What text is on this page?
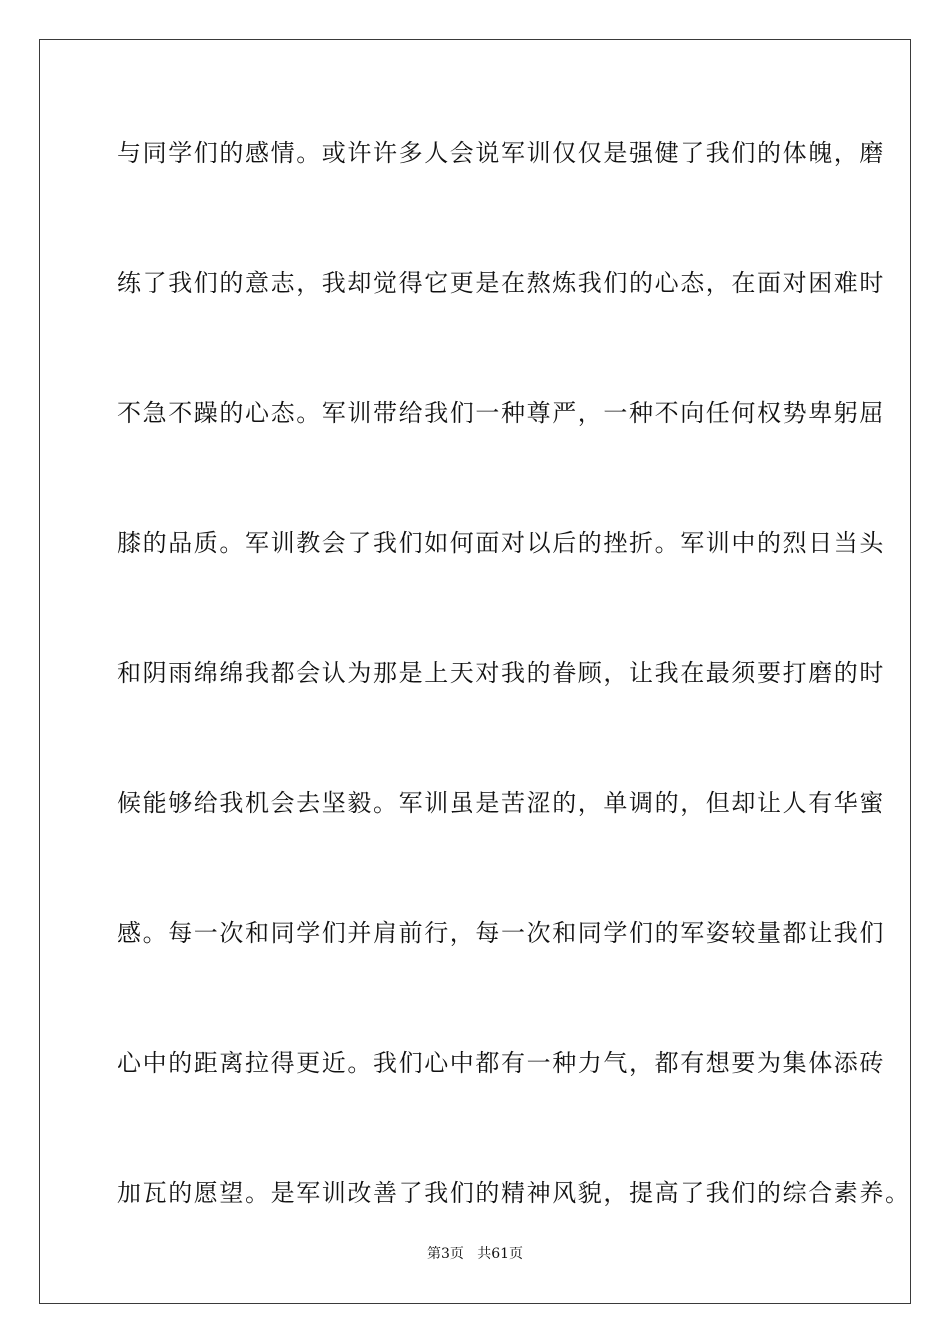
与同学们的感情。或许许多人会说军训仅仅是强健了我们的体魄，磨
练了我们的意志，我却觉得它更是在熬炼我们的心态，在面对困难时
不急不躁的心态。军训带给我们一种尊严，一种不向任何权势卑躬屈
膝的品质。军训教会了我们如何面对以后的挫折。军训中的烈日当头
和阴雨绵绵我都会认为那是上天对我的眷顾，让我在最须要打磨的时
候能够给我机会去坚毅。军训虽是苦涩的，单调的，但却让人有华蜜
感。每一次和同学们并肩前行，每一次和同学们的军姿较量都让我们
心中的距离拉得更近。我们心中都有一种力气，都有想要为集体添砖
加瓦的愿望。是军训改善了我们的精神风貌，提高了我们的综合素养。
第3页   共61页
